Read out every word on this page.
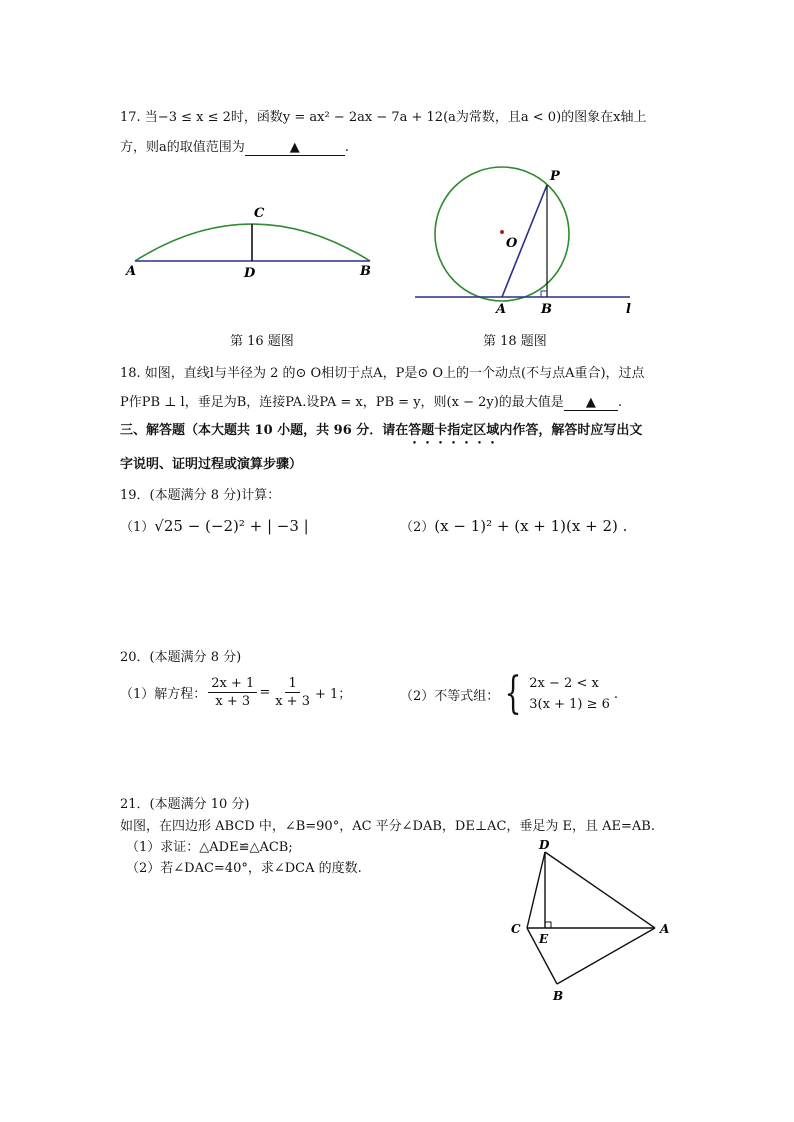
17. 当−3 ≤ x ≤ 2时，函数y = ax² − 2ax − 7a + 12(a为常数，且a < 0)的图象在x轴上
方，则a的取值范围为	▲	.
A	B
C
D
第 16 题图
P
O
A	B	l
第 18 题图
18. 如图，直线l与半径为 2 的⊙ O相切于点A，P是⊙ O上的一个动点(不与点A重合)，过点
P作PB ⊥ l，垂足为B，连接PA.设PA = x，PB = y，则(x − 2y)的最大值是 ▲ .
三、解答题（本大题共 10 小题，共 96 分．请在答题卡指定区域内作答，解答时应写出文
字说明、证明过程或演算步骤）
19．(本题满分 8 分)计算：
（1）√25 − (−2)² + | −3 |	（2）(x − 1)² + (x + 1)(x + 2) .
20．(本题满分 8 分)
（1）解方程： $\frac{2x + 1}{x + 3} = \frac{1}{x + 3} + 1$；	（2）不等式组： { 2x − 2 < x
3(x + 1) ≥ 6
.
21．(本题满分 10 分)
如图，在四边形 ABCD 中，∠B=90°，AC 平分∠DAB，DE⊥AC，垂足为 E，且 AE=AB.
（1）求证：△ADE≌△ACB;
（2）若∠DAC=40°，求∠DCA 的度数.
D
C
E
A
B
